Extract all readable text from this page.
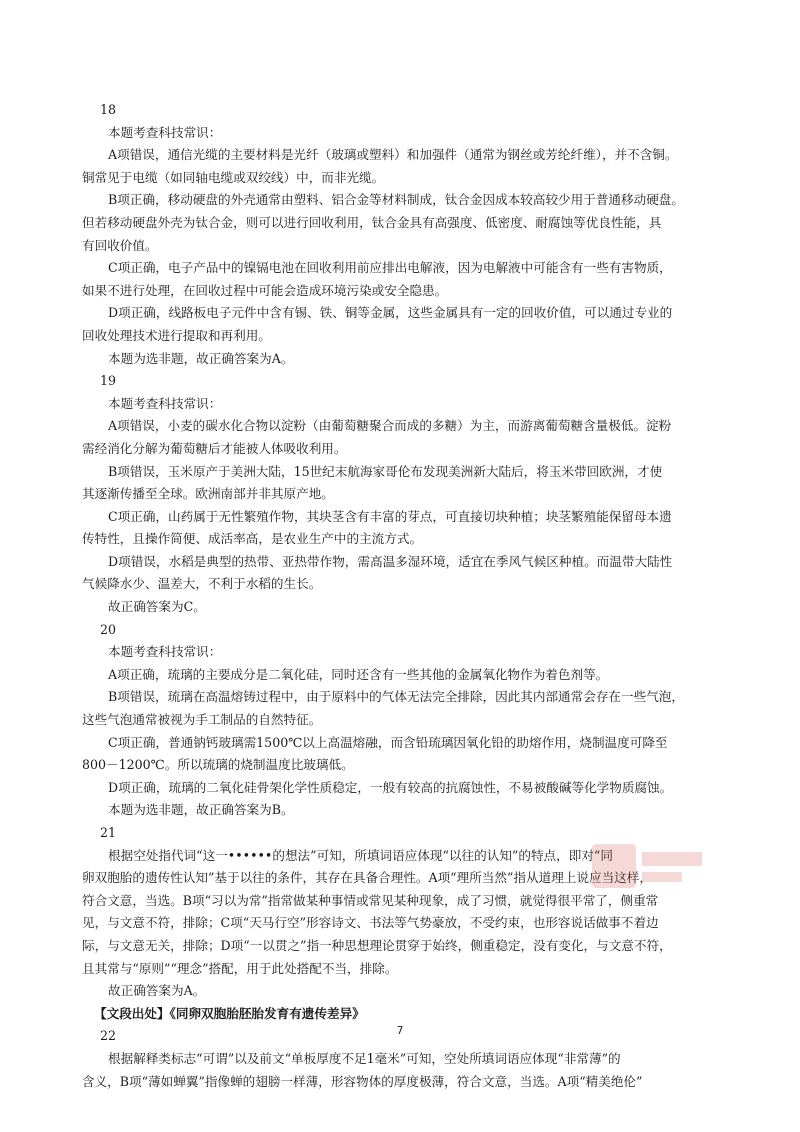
18

本题考查科技常识：

A项错误，通信光缆的主要材料是光纤（玻璃或塑料）和加强件（通常为钢丝或芳纶纤维），并不含铜。

铜常见于电缆（如同轴电缆或双绞线）中，而非光缆。

B项正确，移动硬盘的外壳通常由塑料、铝合金等材料制成，钛合金因成本较高较少用于普通移动硬盘。

但若移动硬盘外壳为钛合金，则可以进行回收利用，钛合金具有高强度、低密度、耐腐蚀等优良性能，具

有回收价值。

C项正确，电子产品中的镍镉电池在回收利用前应排出电解液，因为电解液中可能含有一些有害物质，

如果不进行处理，在回收过程中可能会造成环境污染或安全隐患。

D项正确，线路板电子元件中含有锡、铁、铜等金属，这些金属具有一定的回收价值，可以通过专业的

回收处理技术进行提取和再利用。

本题为选非题，故正确答案为A。

19

本题考查科技常识：

A项错误，小麦的碳水化合物以淀粉（由葡萄糖聚合而成的多糖）为主，而游离葡萄糖含量极低。淀粉

需经消化分解为葡萄糖后才能被人体吸收利用。

B项错误，玉米原产于美洲大陆，15世纪末航海家哥伦布发现美洲新大陆后，将玉米带回欧洲，才使

其逐渐传播至全球。欧洲南部并非其原产地。

C项正确，山药属于无性繁殖作物，其块茎含有丰富的芽点，可直接切块种植；块茎繁殖能保留母本遗

传特性，且操作简便、成活率高，是农业生产中的主流方式。

D项错误，水稻是典型的热带、亚热带作物，需高温多湿环境，适宜在季风气候区种植。而温带大陆性

气候降水少、温差大，不利于水稻的生长。

故正确答案为C。

20

本题考查科技常识：

A项正确，琉璃的主要成分是二氧化硅，同时还含有一些其他的金属氧化物作为着色剂等。

B项错误，琉璃在高温熔铸过程中，由于原料中的气体无法完全排除，因此其内部通常会存在一些气泡，

这些气泡通常被视为手工制品的自然特征。

C项正确，普通钠钙玻璃需1500℃以上高温熔融，而含铅琉璃因氧化铅的助熔作用，烧制温度可降至

800－1200℃。所以琉璃的烧制温度比玻璃低。

D项正确，琉璃的二氧化硅骨架化学性质稳定，一般有较高的抗腐蚀性，不易被酸碱等化学物质腐蚀。

本题为选非题，故正确答案为B。

21

根据空处指代词“这一••••••的想法”可知，所填词语应体现“以往的认知”的特点，即对“同

卵双胞胎的遗传性认知”基于以往的条件，其存在具备合理性。A项“理所当然”指从道理上说应当这样，

符合文意，当选。B项“习以为常”指常做某种事情或常见某种现象，成了习惯，就觉得很平常了，侧重常

见，与文意不符，排除；C项“天马行空”形容诗文、书法等气势豪放，不受约束，也形容说话做事不着边

际，与文意无关，排除；D项“一以贯之”指一种思想理论贯穿于始终，侧重稳定，没有变化，与文意不符，

且其常与“原则”“理念”搭配，用于此处搭配不当，排除。

故正确答案为A。

【文段出处】《同卵双胞胎胚胎发育有遗传差异》

22

根据解释类标志“可谓”以及前文“单板厚度不足1毫米”可知，空处所填词语应体现“非常薄”的

含义，B项“薄如蝉翼”指像蝉的翅膀一样薄，形容物体的厚度极薄，符合文意，当选。A项“精美绝伦”

7
